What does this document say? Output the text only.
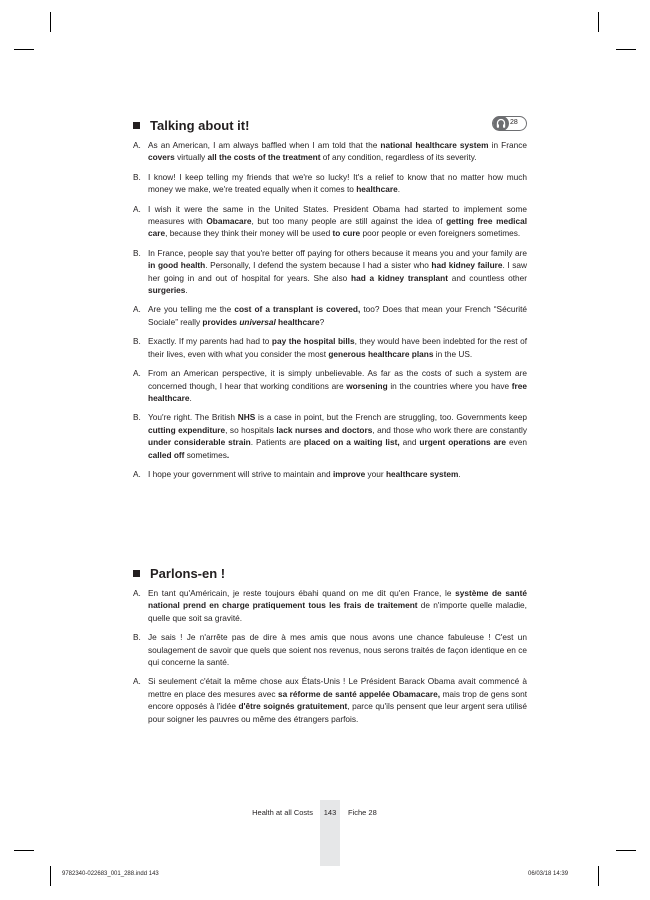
Talking about it!	28
A. As an American, I am always baffled when I am told that the national healthcare system in France covers virtually all the costs of the treatment of any condition, regardless of its severity.
B. I know! I keep telling my friends that we're so lucky! It's a relief to know that no matter how much money we make, we're treated equally when it comes to healthcare.
A. I wish it were the same in the United States. President Obama had started to implement some measures with Obamacare, but too many people are still against the idea of getting free medical care, because they think their money will be used to cure poor people or even foreigners sometimes.
B. In France, people say that you're better off paying for others because it means you and your family are in good health. Personally, I defend the system because I had a sister who had kidney failure. I saw her going in and out of hospital for years. She also had a kidney transplant and countless other surgeries.
A. Are you telling me the cost of a transplant is covered, too? Does that mean your French “Sécurité Sociale” really provides universal healthcare?
B. Exactly. If my parents had had to pay the hospital bills, they would have been indebted for the rest of their lives, even with what you consider the most generous healthcare plans in the US.
A. From an American perspective, it is simply unbelievable. As far as the costs of such a system are concerned though, I hear that working conditions are worsening in the countries where you have free healthcare.
B. You're right. The British NHS is a case in point, but the French are struggling, too. Governments keep cutting expenditure, so hospitals lack nurses and doctors, and those who work there are constantly under considerable strain. Patients are placed on a waiting list, and urgent operations are even called off sometimes.
A. I hope your government will strive to maintain and improve your healthcare system.
Parlons-en !
A. En tant qu'Américain, je reste toujours ébahi quand on me dit qu'en France, le système de santé national prend en charge pratiquement tous les frais de traitement de n'importe quelle maladie, quelle que soit sa gravité.
B. Je sais ! Je n'arrête pas de dire à mes amis que nous avons une chance fabuleuse ! C'est un soulagement de savoir que quels que soient nos revenus, nous serons traités de façon identique en ce qui concerne la santé.
A. Si seulement c'était la même chose aux États-Unis ! Le Président Barack Obama avait commencé à mettre en place des mesures avec sa réforme de santé appelée Obamacare, mais trop de gens sont encore opposés à l'idée d'être soignés gratuitement, parce qu'ils pensent que leur argent sera utilisé pour soigner les pauvres ou même des étrangers parfois.
Health at all Costs	143	Fiche 28
9782340-022683_001_288.indd 143	06/03/18 14:39
